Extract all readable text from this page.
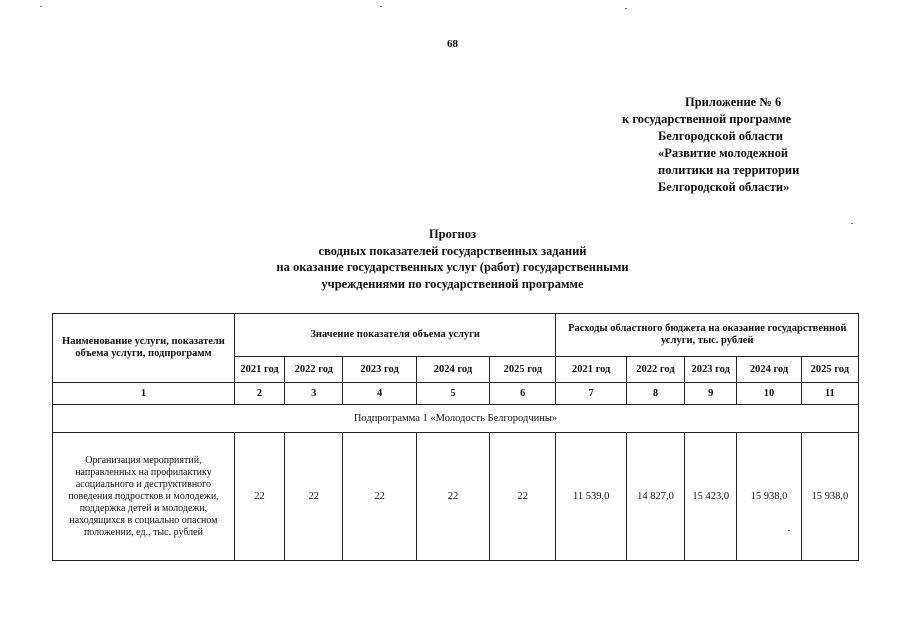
68
Приложение № 6
к государственной программе
Белгородской области
«Развитие молодежной
политики на территории
Белгородской области»
Прогноз
сводных показателей государственных заданий
на оказание государственных услуг (работ) государственными
учреждениями по государственной программе
Наименование услуги, показатели объема услуги, подпрограмм	Значение показателя объема услуги					Расходы областного бюджета на оказание государственной услуги, тыс. рублей				
	2021 год	2022 год	2023 год	2024 год	2025 год	2021 год	2022 год	2023 год	2024 год	2025 год
1	2	3	4	5	6	7	8	9	10	11
Подпрограмма 1 «Молодость Белгородчины»										
Организация мероприятий, направленных на профилактику асоциального и деструктивного поведения подростков и молодежи, поддержка детей и молодежи, находящихся в социально опасном положении, ед., тыс. рублей	22	22	22	22	22	11 539,0	14 827,0	15 423,0	15 938,0	15 938,0
